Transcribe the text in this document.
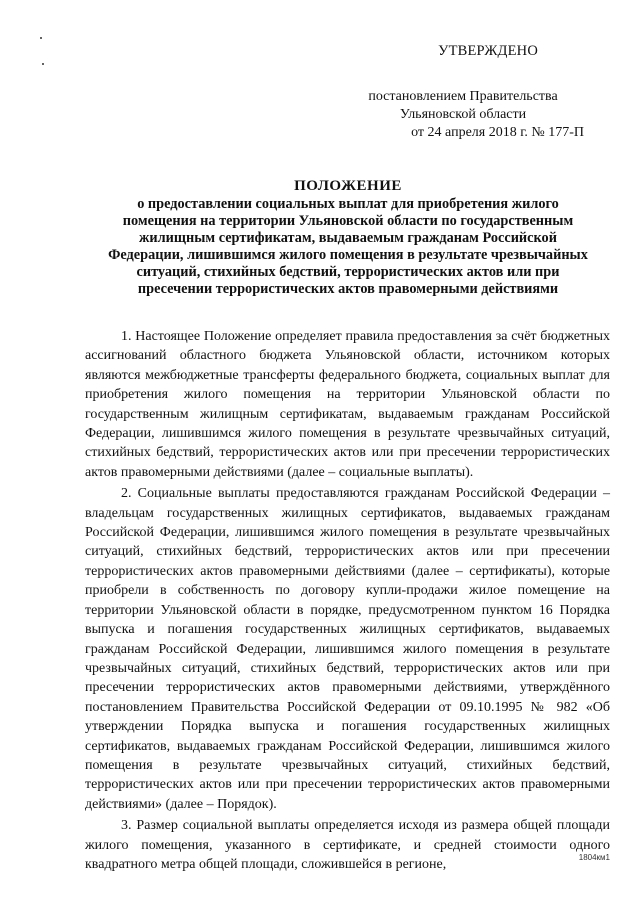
УТВЕРЖДЕНО
постановлением Правительства
Ульяновской области
от 24 апреля 2018 г. № 177-П
ПОЛОЖЕНИЕ
о предоставлении социальных выплат для приобретения жилого
помещения на территории Ульяновской области по государственным
жилищным сертификатам, выдаваемым гражданам Российской
Федерации, лишившимся жилого помещения в результате чрезвычайных
ситуаций, стихийных бедствий, террористических актов или при
пресечении террористических актов правомерными действиями

1. Настоящее Положение определяет правила предоставления за счёт бюджетных ассигнований областного бюджета Ульяновской области, источником которых являются межбюджетные трансферты федерального бюджета, социальных выплат для приобретения жилого помещения на территории Ульяновской области по государственным жилищным сертификатам, выдаваемым гражданам Российской Федерации, лишившимся жилого помещения в результате чрезвычайных ситуаций, стихийных бедствий, террористических актов или при пресечении террористических актов правомерными действиями (далее – социальные выплаты).

2. Социальные выплаты предоставляются гражданам Российской Федерации – владельцам государственных жилищных сертификатов, выдаваемых гражданам Российской Федерации, лишившимся жилого помещения в результате чрезвычайных ситуаций, стихийных бедствий, террористических актов или при пресечении террористических актов правомерными действиями (далее – сертификаты), которые приобрели в собственность по договору купли-продажи жилое помещение на территории Ульяновской области в порядке, предусмотренном пунктом 16 Порядка выпуска и погашения государственных жилищных сертификатов, выдаваемых гражданам Российской Федерации, лишившимся жилого помещения в результате чрезвычайных ситуаций, стихийных бедствий, террористических актов или при пресечении террористических актов правомерными действиями, утверждённого постановлением Правительства Российской Федерации от 09.10.1995 № 982 «Об утверждении Порядка выпуска и погашения государственных жилищных сертификатов, выдаваемых гражданам Российской Федерации, лишившимся жилого помещения в результате чрезвычайных ситуаций, стихийных бедствий, террористических актов или при пресечении террористических актов правомерными действиями» (далее – Порядок).

3. Размер социальной выплаты определяется исходя из размера общей площади жилого помещения, указанного в сертификате, и средней стоимости одного квадратного метра общей площади, сложившейся в регионе,	1804км1
